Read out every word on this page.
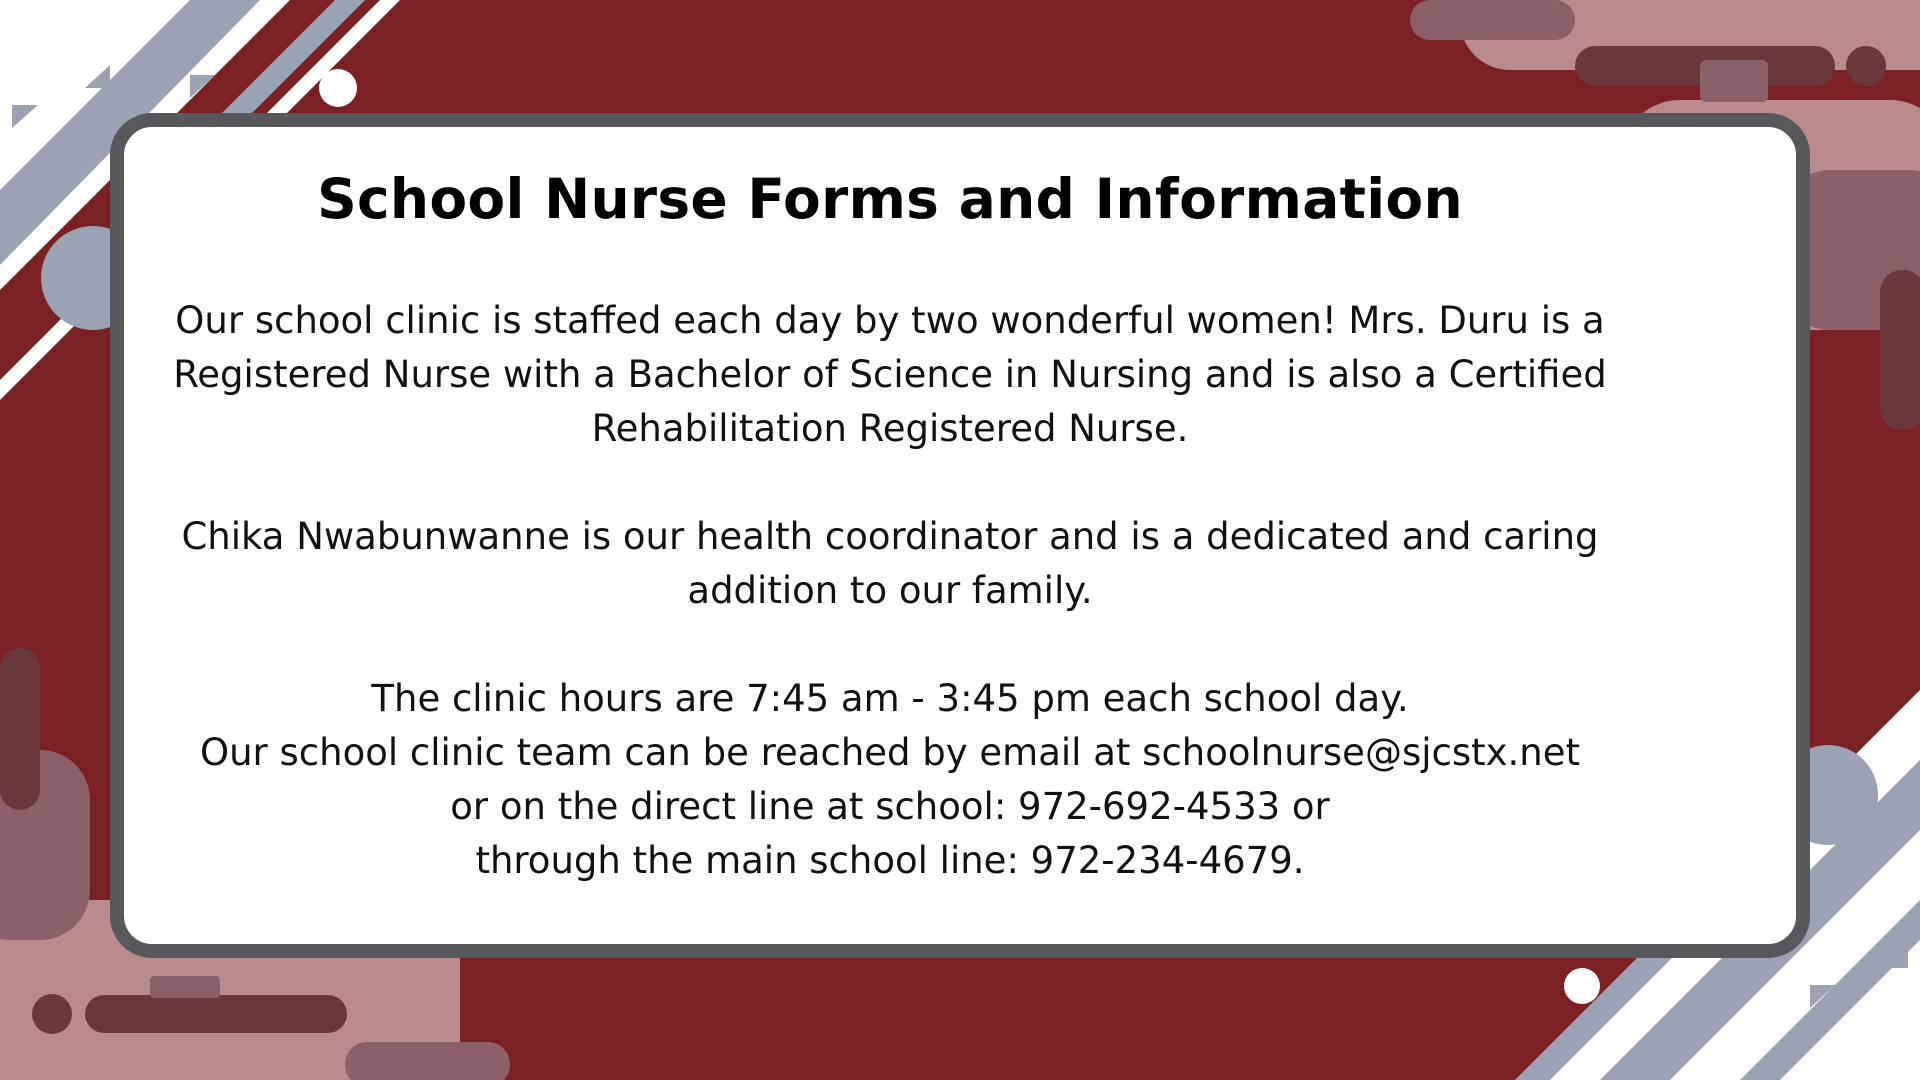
School Nurse Forms and Information

Our school clinic is staffed each day by two wonderful women! Mrs. Duru is a
Registered Nurse with a Bachelor of Science in Nursing and is also a Certified
Rehabilitation Registered Nurse.

Chika Nwabunwanne is our health coordinator and is a dedicated and caring
addition to our family.

The clinic hours are 7:45 am - 3:45 pm each school day.
Our school clinic team can be reached by email at schoolnurse@sjcstx.net
or on the direct line at school: 972-692-4533 or
through the main school line: 972-234-4679.
